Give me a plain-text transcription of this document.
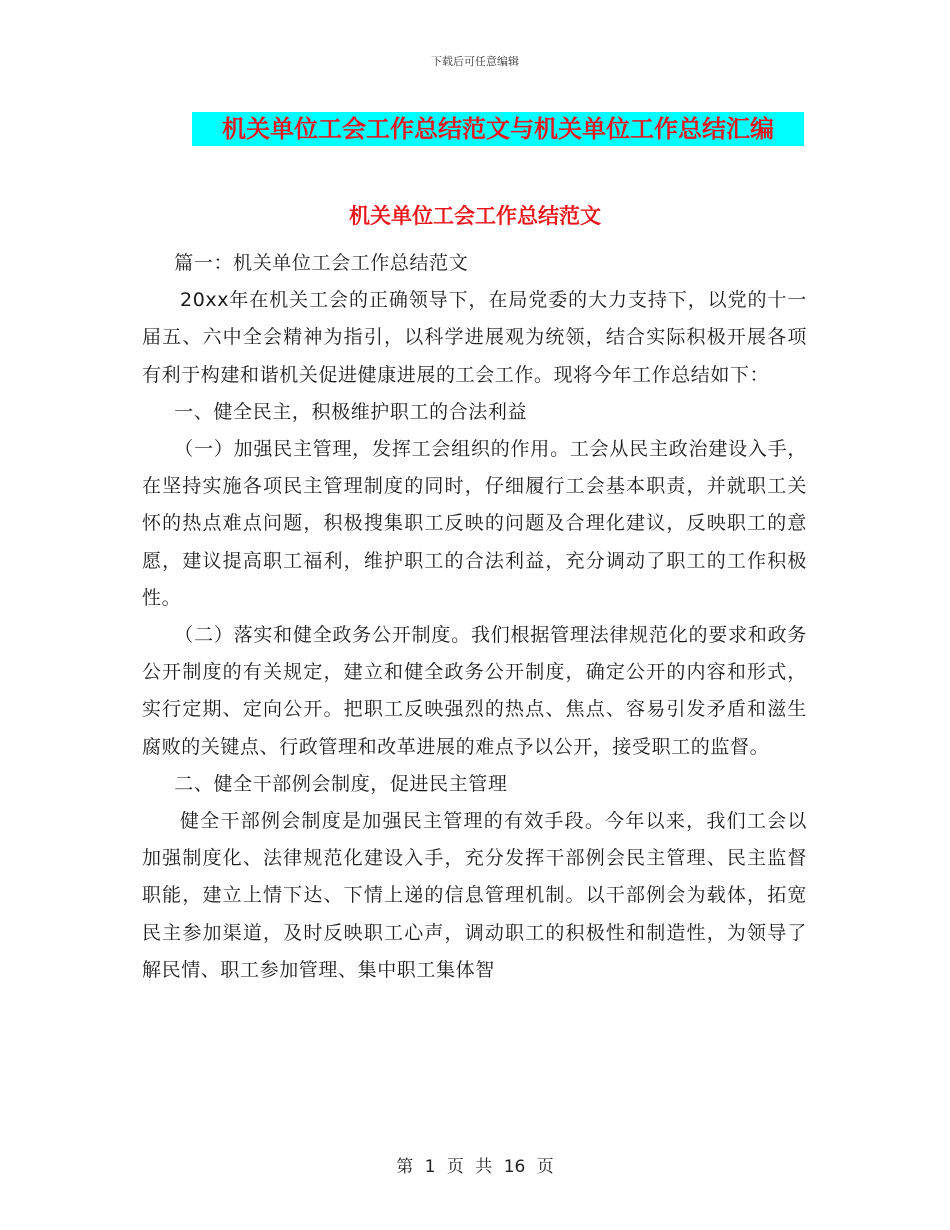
下载后可任意编辑
机关单位工会工作总结范文与机关单位工作总结汇编
机关单位工会工作总结范文

篇一：机关单位工会工作总结范文

20xx年在机关工会的正确领导下，在局党委的大力支持下，以党的十一届五、六中全会精神为指引，以科学进展观为统领，结合实际积极开展各项有利于构建和谐机关促进健康进展的工会工作。现将今年工作总结如下：

一、健全民主，积极维护职工的合法利益

（一）加强民主管理，发挥工会组织的作用。工会从民主政治建设入手，在坚持实施各项民主管理制度的同时，仔细履行工会基本职责，并就职工关怀的热点难点问题，积极搜集职工反映的问题及合理化建议，反映职工的意愿，建议提高职工福利，维护职工的合法利益，充分调动了职工的工作积极性。

（二）落实和健全政务公开制度。我们根据管理法律规范化的要求和政务公开制度的有关规定，建立和健全政务公开制度，确定公开的内容和形式，实行定期、定向公开。把职工反映强烈的热点、焦点、容易引发矛盾和滋生腐败的关键点、行政管理和改革进展的难点予以公开，接受职工的监督。

二、健全干部例会制度，促进民主管理

健全干部例会制度是加强民主管理的有效手段。今年以来，我们工会以加强制度化、法律规范化建设入手，充分发挥干部例会民主管理、民主监督职能，建立上情下达、下情上递的信息管理机制。以干部例会为载体，拓宽民主参加渠道，及时反映职工心声，调动职工的积极性和制造性，为领导了解民情、职工参加管理、集中职工集体智

第 1 页 共 16 页
